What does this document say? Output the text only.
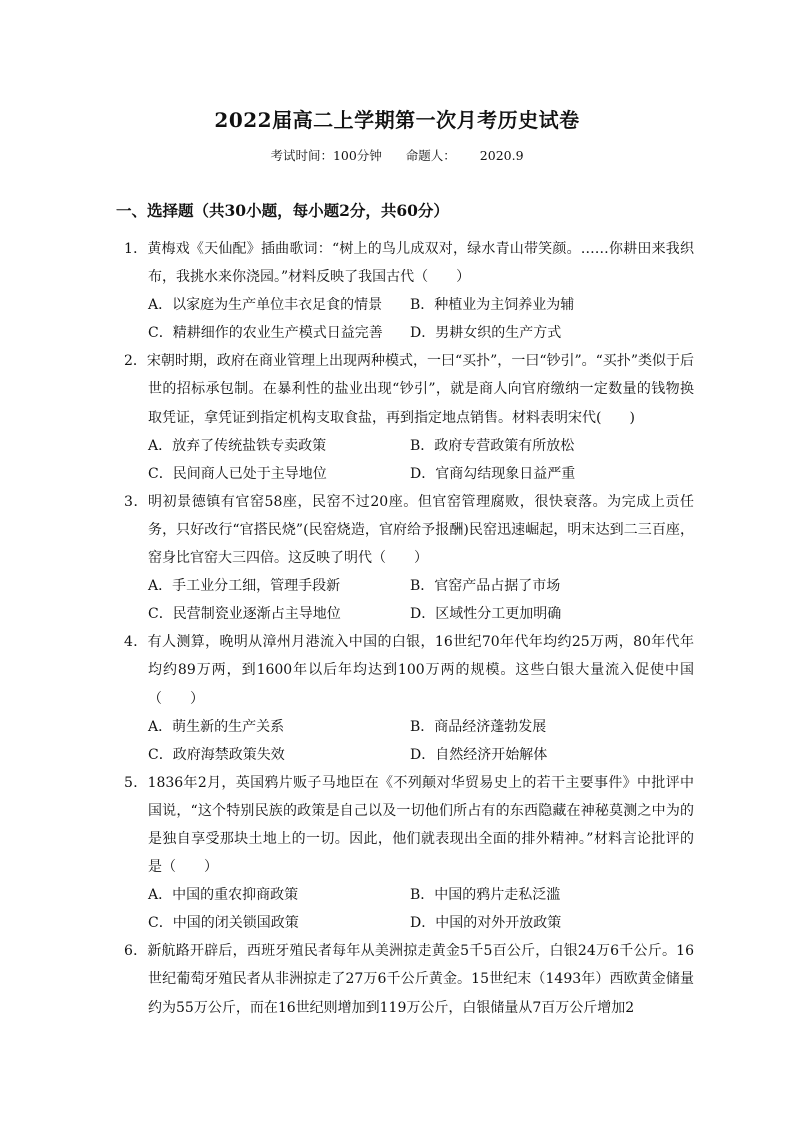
2022届高二上学期第一次月考历史试卷
考试时间：100分钟 命题人： 2020.9
一、选择题（共30小题，每小题2分，共60分）
1．黄梅戏《天仙配》插曲歌词：“树上的鸟儿成双对，绿水青山带笑颜。……你耕田来我织布，我挑水来你浇园。”材料反映了我国古代（　　）
A．以家庭为生产单位丰衣足食的情景	B．种植业为主饲养业为辅
C．精耕细作的农业生产模式日益完善	D．男耕女织的生产方式
2．宋朝时期，政府在商业管理上出现两种模式，一曰“买扑”，一曰“钞引”。“买扑”类似于后世的招标承包制。在暴利性的盐业出现“钞引”，就是商人向官府缴纳一定数量的钱物换取凭证，拿凭证到指定机构支取食盐，再到指定地点销售。材料表明宋代(　　)
A．放弃了传统盐铁专卖政策	B．政府专营政策有所放松
C．民间商人已处于主导地位	D．官商勾结现象日益严重
3．明初景德镇有官窑58座，民窑不过20座。但官窑管理腐败，很快衰落。为完成上贡任务，只好改行“官搭民烧”(民窑烧造，官府给予报酬)民窑迅速崛起，明末达到二三百座，窑身比官窑大三四倍。这反映了明代（　　）
A．手工业分工细，管理手段新	B．官窑产品占据了市场
C．民营制瓷业逐渐占主导地位	D．区域性分工更加明确
4．有人测算，晚明从漳州月港流入中国的白银，16世纪70年代年均约25万两，80年代年均约89万两，到1600年以后年均达到100万两的规模。这些白银大量流入促使中国（　　）
A．萌生新的生产关系	B．商品经济蓬勃发展
C．政府海禁政策失效	D．自然经济开始解体
5．1836年2月，英国鸦片贩子马地臣在《不列颠对华贸易史上的若干主要事件》中批评中国说，“这个特别民族的政策是自己以及一切他们所占有的东西隐藏在神秘莫测之中为的是独自享受那块土地上的一切。因此，他们就表现出全面的排外精神。”材料言论批评的是（　　）
A．中国的重农抑商政策	B．中国的鸦片走私泛滥
C．中国的闭关锁国政策	D．中国的对外开放政策
6．新航路开辟后，西班牙殖民者每年从美洲掠走黄金5千5百公斤，白银24万6千公斤。16世纪葡萄牙殖民者从非洲掠走了27万6千公斤黄金。15世纪末（1493年）西欧黄金储量约为55万公斤，而在16世纪则增加到119万公斤，白银储量从7百万公斤增加2
